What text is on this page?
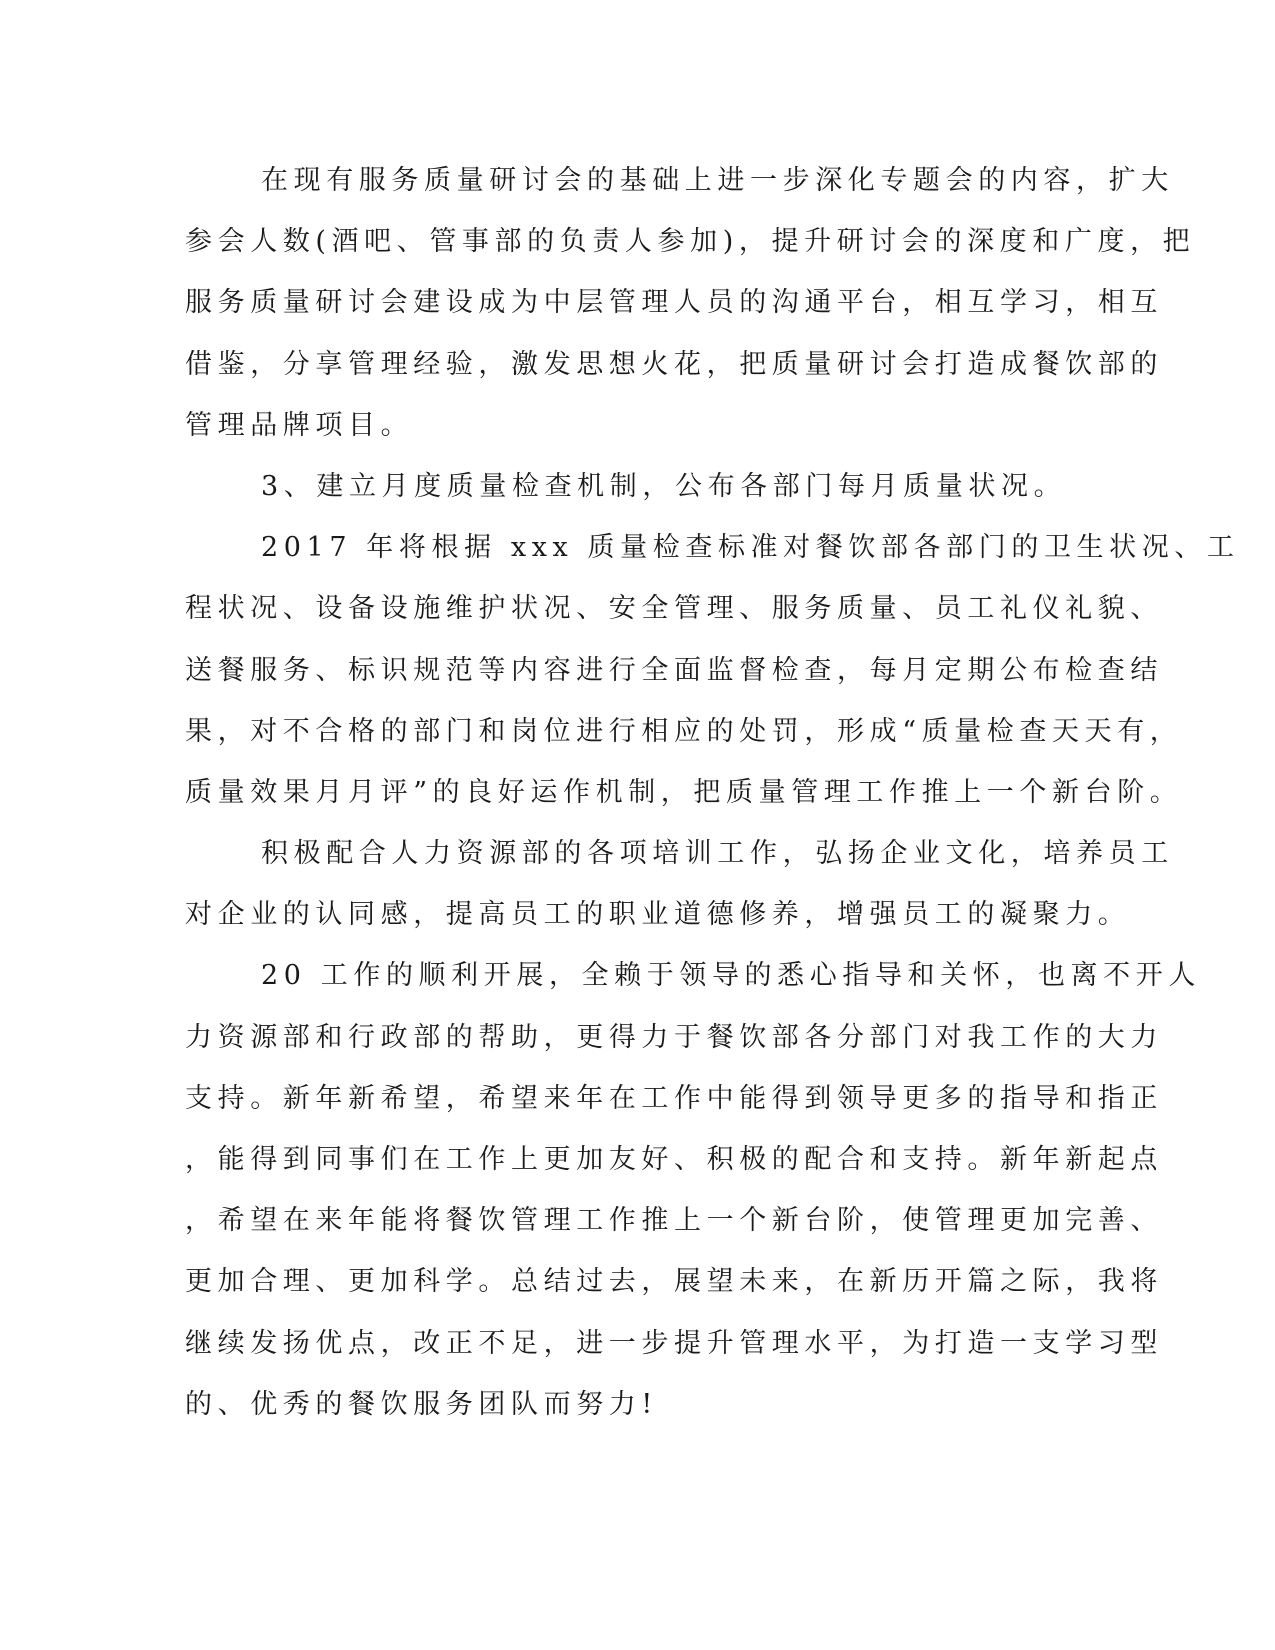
在现有服务质量研讨会的基础上进一步深化专题会的内容，扩大
参会人数(酒吧、管事部的负责人参加)，提升研讨会的深度和广度，把
服务质量研讨会建设成为中层管理人员的沟通平台，相互学习，相互
借鉴，分享管理经验，激发思想火花，把质量研讨会打造成餐饮部的
管理品牌项目。
3、建立月度质量检查机制，公布各部门每月质量状况。
2017 年将根据 xxx 质量检查标准对餐饮部各部门的卫生状况、工
程状况、设备设施维护状况、安全管理、服务质量、员工礼仪礼貌、
送餐服务、标识规范等内容进行全面监督检查，每月定期公布检查结
果，对不合格的部门和岗位进行相应的处罚，形成“质量检查天天有，
质量效果月月评”的良好运作机制，把质量管理工作推上一个新台阶。
积极配合人力资源部的各项培训工作，弘扬企业文化，培养员工
对企业的认同感，提高员工的职业道德修养，增强员工的凝聚力。
20 工作的顺利开展，全赖于领导的悉心指导和关怀，也离不开人
力资源部和行政部的帮助，更得力于餐饮部各分部门对我工作的大力
支持。新年新希望，希望来年在工作中能得到领导更多的指导和指正
，能得到同事们在工作上更加友好、积极的配合和支持。新年新起点
，希望在来年能将餐饮管理工作推上一个新台阶，使管理更加完善、
更加合理、更加科学。总结过去，展望未来，在新历开篇之际，我将
继续发扬优点，改正不足，进一步提升管理水平，为打造一支学习型
的、优秀的餐饮服务团队而努力!
